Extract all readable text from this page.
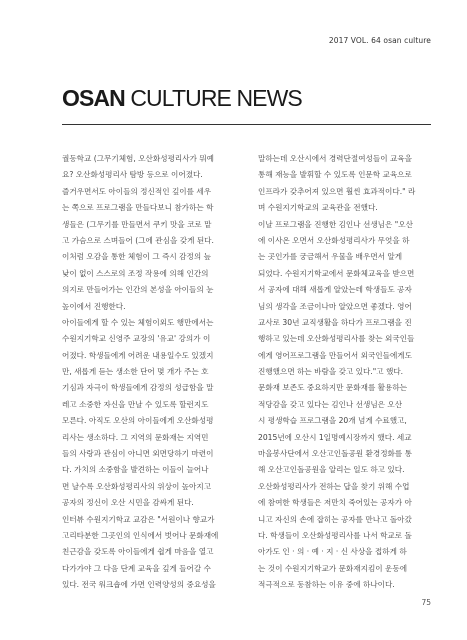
2017 VOL. 64 osan culture
OSAN CULTURE NEWS
궐동학교 (그무기체험, 오산화성평리사가 뭐예
요? 오산화성평리사 탐방 등으로 이어졌다.
즐거우면서도 아이들의 정신적인 깊이를 세우
는 쪽으로 프로그램을 만들다보니 참가하는 학
생들은 (그무기를 만들면서 쿠키 맛을 코로 맡
고 가슴으로 스며들어 (그에 관심을 갖게 된다.
이처럼 오감을 통한 체험이 그 즉시 감정의 늪
낮이 없이 스스로의 조정 작용에 의해 인간의
의지로 만들어가는 인간의 본성을 아이들의 눈
높이에서 진행한다.
아이들에게 할 수 있는 체험이외도 행만에서는
수원지기학교 신영주 교장의 '유교' 강의가 이
어졌다. 학생들에게 어려운 내용일수도 있겠지
만, 새롭게 듣는 생소한 단어 몇 개가 주는 호
기심과 자극이 학생들에게 감정의 성급함을 말
레고 소중한 자신을 만날 수 있도록 할런지도
모른다. 아직도 오산의 아이들에게 오산화성평
리사는 생소하다. 그 지역의 문화재는 지역민
들의 사랑과 관심이 아니면 외면당하기 마련이
다. 가치의 소중함을 발견하는 이들이 늘어나
면 날수록 오산화성평리사의 위상이 높아지고
공자의 정신이 오산 시민을 감싸게 된다.
인터뷰 수원지기학교 교감은 "서원이나 향교가
고리타분한 그곳인의 인식에서 벗어나 문화재에
친근감을 갖도록 아이들에게 쉽게 마음을 열고
다가가야 그 다음 단계 교육을 깊게 들어갈 수
있다. 전국 워크숍에 가면 인력양성의 중요성을
말하는데 오산시에서 경력단절여성들이 교육을
통해 재능을 발휘할 수 있도록 인문학 교육으로
인프라가 갖추어져 있으면 훨씬 효과적이다." 라
며 수원지기학교의 교육관을 전했다.
이날 프로그램을 진행한 김인나 선생님은 "오산
에 이사온 오면서 오산화성평리사가 무엇을 하
는 곳인가를 궁금해서 우물을 배우면서 알게
되었다. 수원지기학교에서 문화체교육을 받으면
서 공자에 대해 새롭게 알았는데 학생들도 공자
님의 생각을 조금이나마 알았으면 좋겠다. 영어
교사로 30년 교직생활을 하다가 프로그램을 진
행하고 있는데 오산화성평리사를 찾는 외국인들
에게 영어프로그램을 만들어서 외국인들에게도
진행했으면 하는 바람을 갖고 있다."고 했다.
문화재 보존도 중요하지만 문화재를 활용하는
적당감을 갖고 있다는 김인나 선생님은 오산
시 평생학습 프로그램을 20개 넘게 수료했고,
2015년에 오산시 1일명예시장까지 했다. 세교
마을봉사단에서 오산고인돌공원 환경정화를 통
해 오산고인돌공원을 알리는 일도 하고 있다.
오산화성평리사가 전하는 답을 찾기 위해 수업
에 참여한 학생들은 저만치 죽어있는 공자가 아
니고 자신의 손에 잡히는 공자를 만나고 돌아갔
다. 학생들이 오산화성평리사를 나서 학교로 돌
아가도 인 · 의 · 예 · 지 · 신 사상을 접하게 하
는 것이 수원지기학교가 문화재지킴이 운동에
적극적으로 동참하는 이유 중에 하나이다.
75
